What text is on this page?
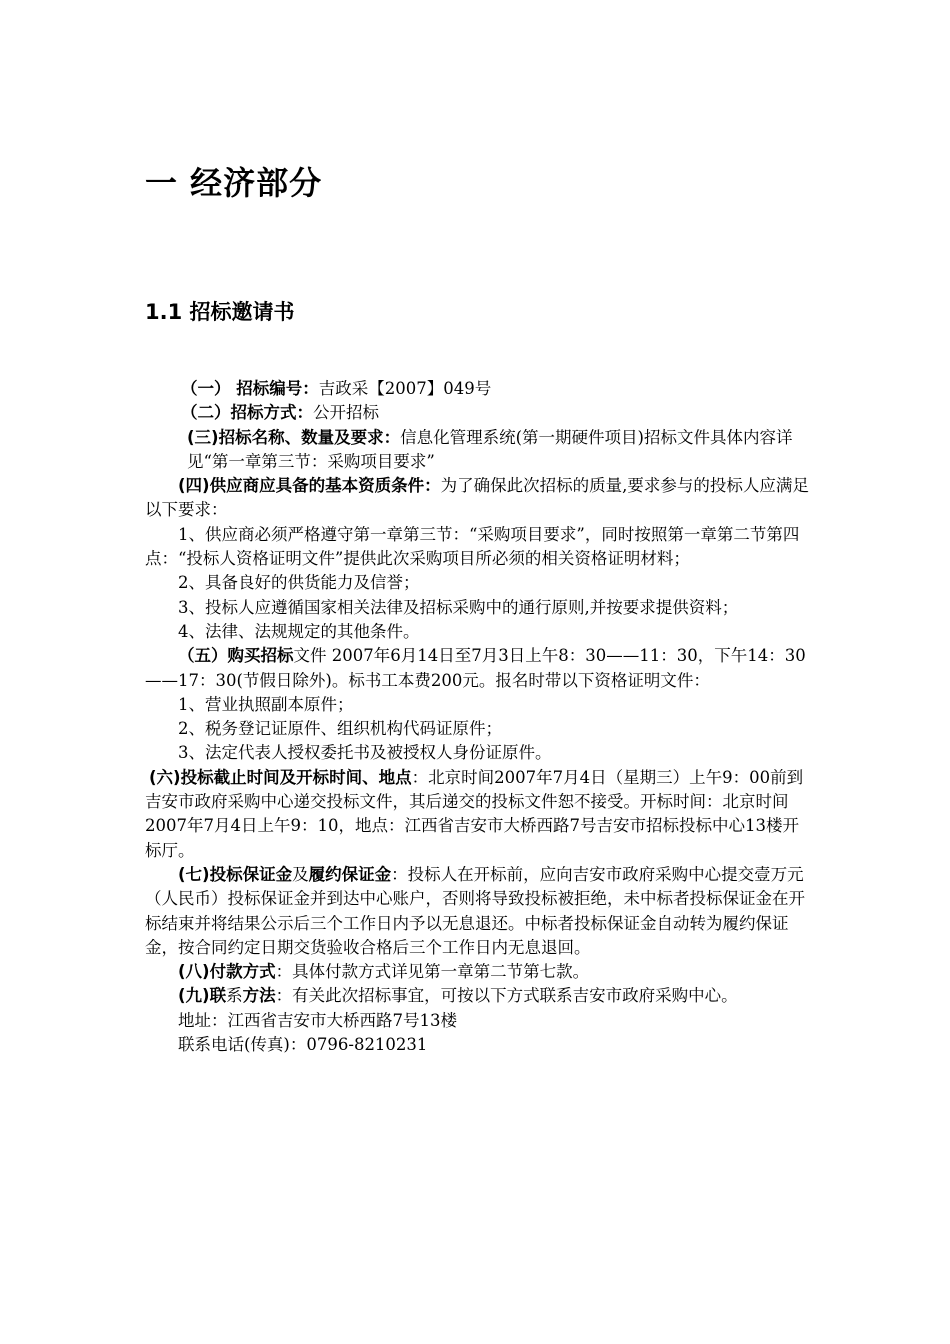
一 经济部分
1.1 招标邀请书

（一） 招标编号：吉政采【2007】049号

（二）招标方式：公开招标

(三)招标名称、数量及要求：信息化管理系统(第一期硬件项目)招标文件具体内容详见“第一章第三节：采购项目要求”

(四)供应商应具备的基本资质条件：为了确保此次招标的质量,要求参与的投标人应满足以下要求：

1、供应商必须严格遵守第一章第三节：“采购项目要求”，同时按照第一章第二节第四点：“投标人资格证明文件”提供此次采购项目所必须的相关资格证明材料；

2、具备良好的供货能力及信誉；

3、投标人应遵循国家相关法律及招标采购中的通行原则,并按要求提供资料；

4、法律、法规规定的其他条件。

（五）购买招标文件 2007年6月14日至7月3日上午8：30——11：30，下午14：30——17：30(节假日除外)。标书工本费200元。报名时带以下资格证明文件：

1、营业执照副本原件；

2、税务登记证原件、组织机构代码证原件；

3、法定代表人授权委托书及被授权人身份证原件。

(六)投标截止时间及开标时间、地点：北京时间2007年7月4日（星期三）上午9：00前到吉安市政府采购中心递交投标文件，其后递交的投标文件恕不接受。开标时间：北京时间2007年7月4日上午9：10，地点：江西省吉安市大桥西路7号吉安市招标投标中心13楼开标厅。

(七)投标保证金及履约保证金：投标人在开标前，应向吉安市政府采购中心提交壹万元（人民币）投标保证金并到达中心账户，否则将导致投标被拒绝，未中标者投标保证金在开标结束并将结果公示后三个工作日内予以无息退还。中标者投标保证金自动转为履约保证金，按合同约定日期交货验收合格后三个工作日内无息退回。

(八)付款方式：具体付款方式详见第一章第二节第七款。

(九)联系方法：有关此次招标事宜，可按以下方式联系吉安市政府采购中心。

地址：江西省吉安市大桥西路7号13楼

联系电话(传真)：0796-8210231
